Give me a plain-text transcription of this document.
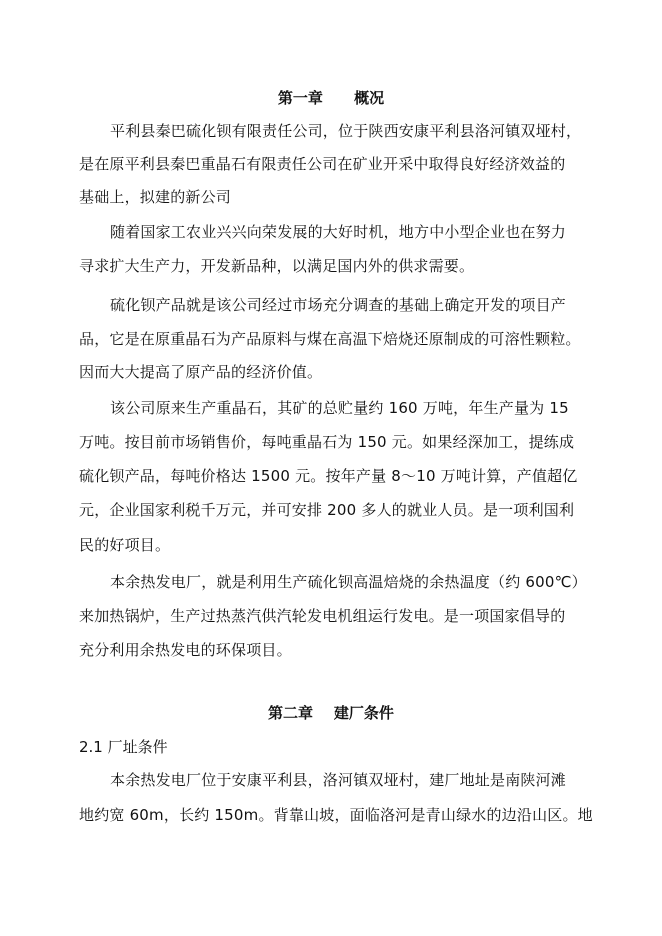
第一章      概况
平利县秦巴硫化钡有限责任公司，位于陕西安康平利县洛河镇双垭村，
是在原平利县秦巴重晶石有限责任公司在矿业开采中取得良好经济效益的
基础上，拟建的新公司
随着国家工农业兴兴向荣发展的大好时机，地方中小型企业也在努力
寻求扩大生产力，开发新品种，以满足国内外的供求需要。
硫化钡产品就是该公司经过市场充分调查的基础上确定开发的项目产
品，它是在原重晶石为产品原料与煤在高温下焙烧还原制成的可溶性颗粒。
因而大大提高了原产品的经济价值。
该公司原来生产重晶石，其矿的总贮量约 160 万吨，年生产量为 15
万吨。按目前市场销售价，每吨重晶石为 150 元。如果经深加工，提练成
硫化钡产品，每吨价格达 1500 元。按年产量 8～10 万吨计算，产值超亿
元，企业国家利税千万元，并可安排 200 多人的就业人员。是一项利国利
民的好项目。
本余热发电厂，就是利用生产硫化钡高温焙烧的余热温度（约 600℃）
来加热锅炉，生产过热蒸汽供汽轮发电机组运行发电。是一项国家倡导的
充分利用余热发电的环保项目。
第二章    建厂条件
2.1 厂址条件
本余热发电厂位于安康平利县，洛河镇双垭村，建厂地址是南陕河滩
地约宽 60m，长约 150m。背靠山坡，面临洛河是青山绿水的边沿山区。地
